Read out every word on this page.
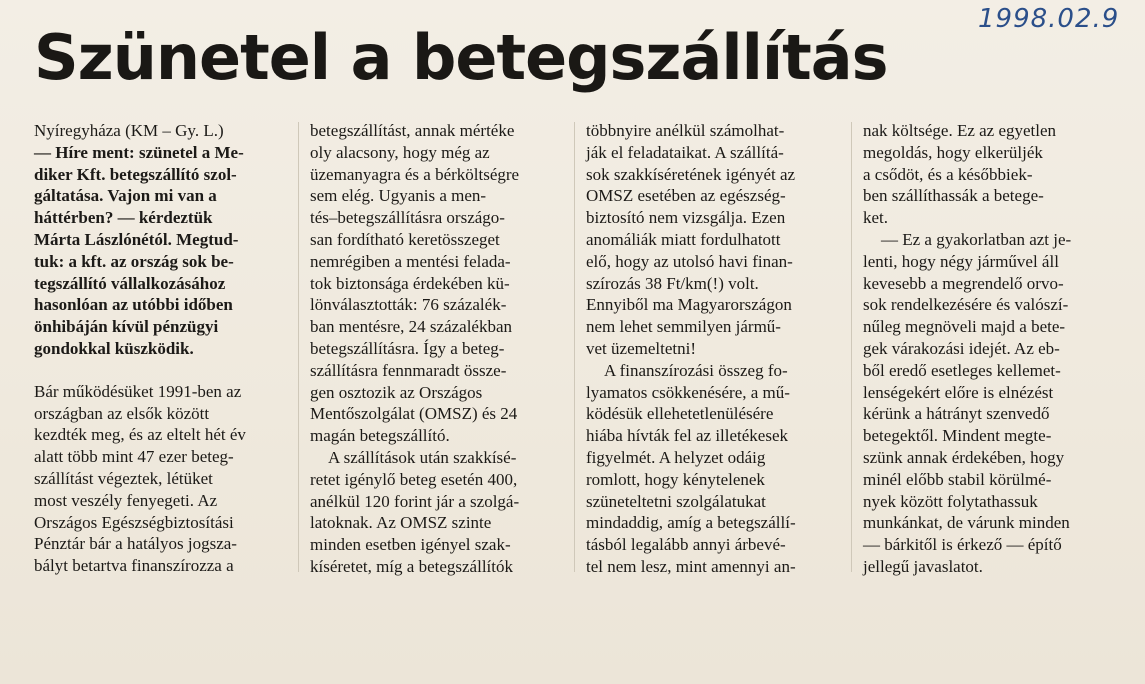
1998.02.9
Szünetel a betegszállítás

Nyíregyháza (KM – Gy. L.)
— Híre ment: szünetel a Me-
diker Kft. betegszállító szol-
gáltatása. Vajon mi van a
háttérben? — kérdeztük
Márta Lászlónétól. Megtud-
tuk: a kft. az ország sok be-
tegszállító vállalkozásához
hasonlóan az utóbbi időben
önhibáján kívül pénzügyi
gondokkal küszködik.

Bár működésüket 1991-ben az
országban az elsők között
kezdték meg, és az eltelt hét év
alatt több mint 47 ezer beteg-
szállítást végeztek, létüket
most veszély fenyegeti. Az
Országos Egészségbiztosítási
Pénztár bár a hatályos jogsza-
bályt betartva finanszírozza a

betegszállítást, annak mértéke
oly alacsony, hogy még az
üzemanyagra és a bérköltségre
sem elég. Ugyanis a men-
tés–betegszállításra országo-
san fordítható keretösszeget
nemrégiben a mentési felada-
tok biztonsága érdekében kü-
lönválasztották: 76 százalék-
ban mentésre, 24 százalékban
betegszállításra. Így a beteg-
szállításra fennmaradt össze-
gen osztozik az Országos
Mentőszolgálat (OMSZ) és 24
magán betegszállító.

A szállítások után szakkísé-
retet igénylő beteg esetén 400,
anélkül 120 forint jár a szolgá-
latoknak. Az OMSZ szinte
minden esetben igényel szak-
kíséretet, míg a betegszállítók

többnyire anélkül számolhat-
ják el feladataikat. A szállítá-
sok szakkíséretének igényét az
OMSZ esetében az egészség-
biztosító nem vizsgálja. Ezen
anomáliák miatt fordulhatott
elő, hogy az utolsó havi finan-
szírozás 38 Ft/km(!) volt.
Ennyiből ma Magyarországon
nem lehet semmilyen jármű-
vet üzemeltetni!

A finanszírozási összeg fo-
lyamatos csökkenésére, a mű-
ködésük ellehetetlenülésére
hiába hívták fel az illetékesek
figyelmét. A helyzet odáig
romlott, hogy kénytelenek
szüneteltetni szolgálatukat
mindaddig, amíg a betegszállí-
tásból legalább annyi árbevé-
tel nem lesz, mint amennyi an-

nak költsége. Ez az egyetlen
megoldás, hogy elkerüljék
a csődöt, és a későbbiek-
ben szállíthassák a betege-
ket.

— Ez a gyakorlatban azt je-
lenti, hogy négy járművel áll
kevesebb a megrendelő orvo-
sok rendelkezésére és valószí-
nűleg megnöveli majd a bete-
gek várakozási idejét. Az eb-
ből eredő esetleges kellemet-
lenségekért előre is elnézést
kérünk a hátrányt szenvedő
betegektől. Mindent megte-
szünk annak érdekében, hogy
minél előbb stabil körülmé-
nyek között folytathassuk
munkánkat, de várunk minden
— bárkitől is érkező — építő
jellegű javaslatot.
